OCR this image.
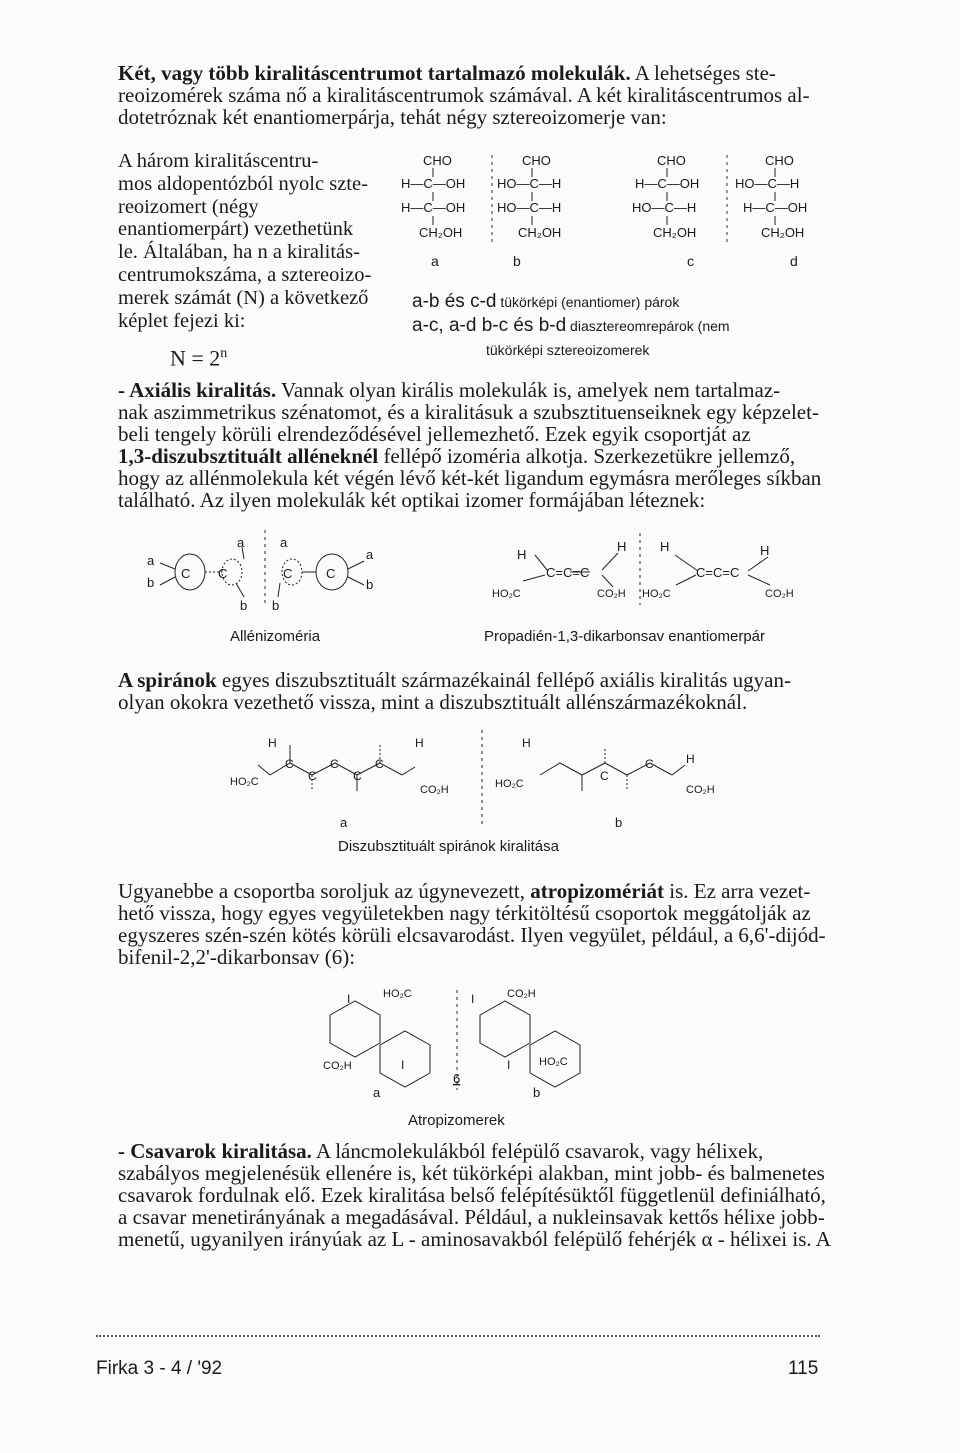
Két, vagy több kiralitáscentrumot tartalmazó molekulák. A lehetséges ste-
reoizomérek száma nő a kiralitáscentrumok számával. A két kiralitáscentrumos al-
dotetróznak két enantiomerpárja, tehát négy sztereoizomerje van:
A három kiralitáscentru-
mos aldopentózból nyolc szte-
reoizomert (négy
enantiomerpárt) vezethetünk
le. Általában, ha n a kiralitás-
centrumokszáma, a sztereoizo-
merek számát (N) a következő
képlet fejezi ki:
$N = 2^n$
CHO
H—C—OH
H—C—OH
CH₂OH
a
CHO
HO—C—H
HO—C—H
CH₂OH
b
CHO
H—C—OH
HO—C—H
CH₂OH
c
CHO
HO—C—H
H—C—OH
CH₂OH
d
a-b és c-d tükörképi (enantiomer) párok
a-c, a-d b-c és b-d diasztereomrepárok (nem
tükörképi sztereoizomerek
- Axiális kiralitás. Vannak olyan királis molekulák is, amelyek nem tartalmaz-
nak aszimmetrikus szénatomot, és a kiralitásuk a szubsztituenseiknek egy képzelet-
beli tengely körüli elrendeződésével jellemezhető. Ezek egyik csoportját az
1,3-diszubsztituált alléneknél fellépő izoméria alkotja. Szerkezetükre jellemző,
hogy az allénmolekula két végén lévő két-két ligandum egymásra merőleges síkban
található. Az ilyen molekulák két optikai izomer formájában léteznek:
a
b
C C
a
b
a
C	C
a
b
b
H
HO₂C
C=C=C
H
CO₂H HO₂C
H
C=C=C
H
CO₂H
Allénizoméria	Propadién-1,3-dikarbonsav enantiomerpár
A spiránok egyes diszubsztituált származékainál fellépő axiális kiralitás ugyan-
olyan okokra vezethető vissza, mint a diszubsztituált allénszármazékoknál.
H
HO₂C
C	C	C
C	C
H
CO₂H
H
HO₂C
C
C	H
CO₂H
a	b
Diszubsztituált spiránok kiralitása
Ugyanebbe a csoportba soroljuk az úgynevezett, atropizomériát is. Ez arra vezet-
hető vissza, hogy egyes vegyületekben nagy térkitöltésű csoportok meggátolják az
egyszeres szén-szén kötés körüli elcsavarodást. Ilyen vegyület, például, a 6,6'-dijód-
bifenil-2,2'-dikarbonsav (6):
I	HO₂C
CO₂H	I
CO₂H
I
I	HO₂C
6
a	b
Atropizomerek
- Csavarok kiralitása. A láncmolekulákból felépülő csavarok, vagy hélixek,
szabályos megjelenésük ellenére is, két tükörképi alakban, mint jobb- és balmenetes
csavarok fordulnak elő. Ezek kiralitása belső felépítésüktől függetlenül definiálható,
a csavar menetirányának a megadásával. Például, a nukleinsavak kettős hélixe jobb-
menetű, ugyanilyen irányúak az L - aminosavakból felépülő fehérjék α - hélixei is. A
Firka 3 - 4 / '92	115
